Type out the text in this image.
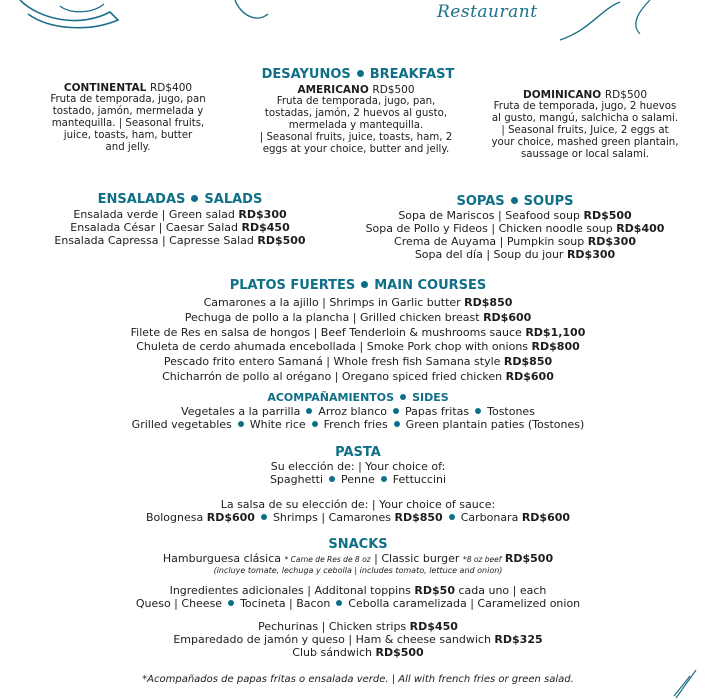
Restaurant
DESAYUNOS BREAKFAST
CONTINENTAL RD$400
Fruta de temporada, jugo, pan
tostado, jamón, mermelada y
mantequilla. | Seasonal fruits,
juice, toasts, ham, butter
and jelly.
AMERICANO RD$500
Fruta de temporada, jugo, pan,
tostadas, jamón, 2 huevos al gusto,
mermelada y mantequilla.
| Seasonal fruits, juice, toasts, ham, 2
eggs at your choice, butter and jelly.
DOMINICANO RD$500
Fruta de temporada, jugo, 2 huevos
al gusto, mangú, salchicha o salami.
| Seasonal fruits, Juice, 2 eggs at
your choice, mashed green plantain,
saussage or local salami.
ENSALADAS SALADS
Ensalada verde | Green salad RD$300
Ensalada César | Caesar Salad RD$450
Ensalada Capressa | Capresse Salad RD$500
SOPAS SOUPS
Sopa de Mariscos | Seafood soup RD$500
Sopa de Pollo y Fideos | Chicken noodle soup RD$400
Crema de Auyama | Pumpkin soup RD$300
Sopa del día | Soup du jour RD$300
PLATOS FUERTES MAIN COURSES
Camarones a la ajillo | Shrimps in Garlic butter RD$850
Pechuga de pollo a la plancha | Grilled chicken breast RD$600
Filete de Res en salsa de hongos | Beef Tenderloin & mushrooms sauce RD$1,100
Chuleta de cerdo ahumada encebollada | Smoke Pork chop with onions RD$800
Pescado frito entero Samaná | Whole fresh fish Samana style RD$850
Chicharrón de pollo al orégano | Oregano spiced fried chicken RD$600
ACOMPAÑAMIENTOS SIDES
Vegetales a la parrilla Arroz blanco Papas fritas Tostones
Grilled vegetables White rice French fries Green plantain paties (Tostones)
PASTA
Su elección de: | Your choice of:
Spaghetti Penne Fettuccini
La salsa de su elección de: | Your choice of sauce:
Bolognesa RD$600 Shrimps | Camarones RD$850 Carbonara RD$600
SNACKS
Hamburguesa clásica * Carne de Res de 8 oz | Classic burger *8 oz beef RD$500
(incluye tomate, lechuga y cebolla | includes tomato, lettuce and onion)
Ingredientes adicionales | Additonal toppins RD$50 cada uno | each
Queso | Cheese Tocineta | Bacon Cebolla caramelizada | Caramelized onion
Pechurinas | Chicken strips RD$450
Emparedado de jamón y queso | Ham & cheese sandwich RD$325
Club sándwich RD$500
*Acompañados de papas fritas o ensalada verde. | All with french fries or green salad.
